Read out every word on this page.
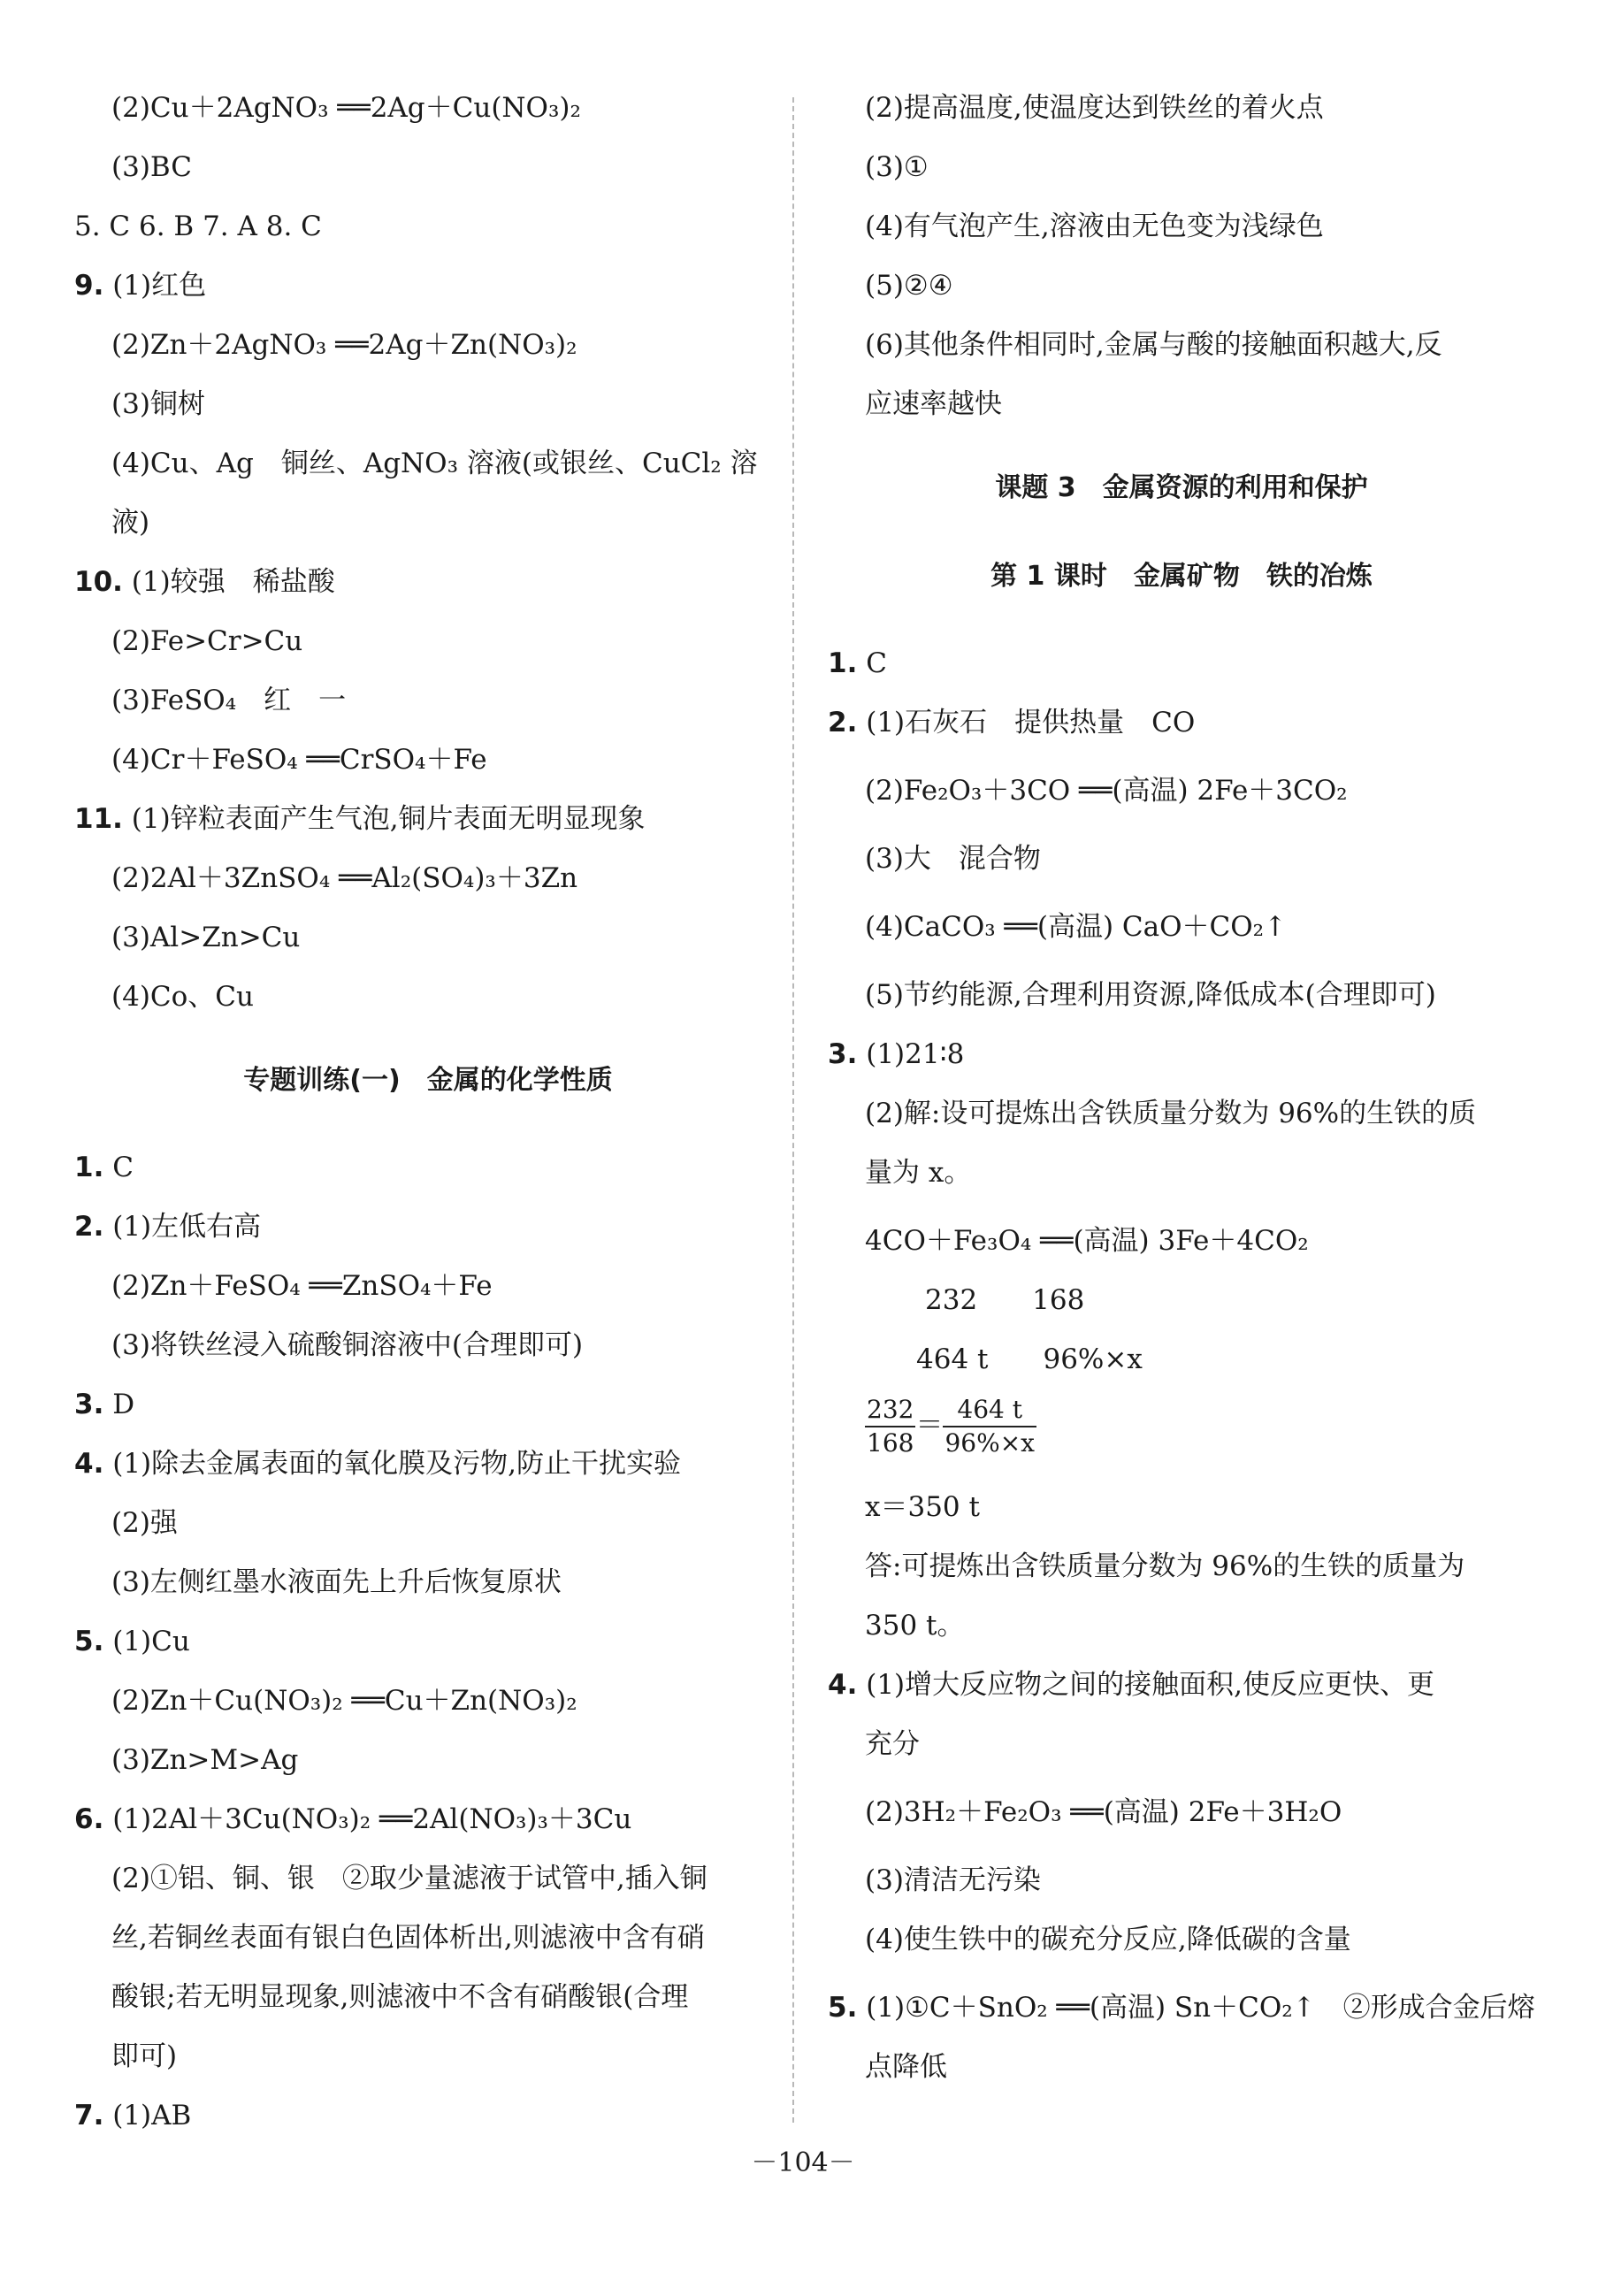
(2)Cu＋2AgNO₃ ══2Ag＋Cu(NO₃)₂
(3)BC
5. C 6. B 7. A 8. C
9. (1)红色
(2)Zn＋2AgNO₃ ══2Ag＋Zn(NO₃)₂
(3)铜树
(4)Cu、Ag　铜丝、AgNO₃ 溶液(或银丝、CuCl₂ 溶
液)
10. (1)较强　稀盐酸
(2)Fe>Cr>Cu
(3)FeSO₄　红　一
(4)Cr＋FeSO₄ ══CrSO₄＋Fe
11. (1)锌粒表面产生气泡,铜片表面无明显现象
(2)2Al＋3ZnSO₄ ══Al₂(SO₄)₃＋3Zn
(3)Al>Zn>Cu
(4)Co、Cu
专题训练(一)　金属的化学性质
1. C
2. (1)左低右高
(2)Zn＋FeSO₄ ══ZnSO₄＋Fe
(3)将铁丝浸入硫酸铜溶液中(合理即可)
3. D
4. (1)除去金属表面的氧化膜及污物,防止干扰实验
(2)强
(3)左侧红墨水液面先上升后恢复原状
5. (1)Cu
(2)Zn＋Cu(NO₃)₂ ══Cu＋Zn(NO₃)₂
(3)Zn>M>Ag
6. (1)2Al＋3Cu(NO₃)₂ ══2Al(NO₃)₃＋3Cu
(2)①铝、铜、银　②取少量滤液于试管中,插入铜
丝,若铜丝表面有银白色固体析出,则滤液中含有硝
酸银;若无明显现象,则滤液中不含有硝酸银(合理
即可)
7. (1)AB
(2)提高温度,使温度达到铁丝的着火点
(3)①
(4)有气泡产生,溶液由无色变为浅绿色
(5)②④
(6)其他条件相同时,金属与酸的接触面积越大,反
应速率越快
课题 3　金属资源的利用和保护
第 1 课时　金属矿物　铁的冶炼
1. C
2. (1)石灰石　提供热量　CO
(2)Fe₂O₃＋3CO ══(高温) 2Fe＋3CO₂
(3)大　混合物
(4)CaCO₃ ══(高温) CaO＋CO₂↑
(5)节约能源,合理利用资源,降低成本(合理即可)
3. (1)21∶8
(2)解:设可提炼出含铁质量分数为 96%的生铁的质
量为 x。
4CO＋Fe₃O₄ ══(高温) 3Fe＋4CO₂
232　　168
464 t　　96%×x
$\frac{232}{168} = \frac{464 t}{96\%\times x}$
x＝350 t
答:可提炼出含铁质量分数为 96%的生铁的质量为
350 t。
4. (1)增大反应物之间的接触面积,使反应更快、更
充分
(2)3H₂＋Fe₂O₃ ══(高温) 2Fe＋3H₂O
(3)清洁无污染
(4)使生铁中的碳充分反应,降低碳的含量
5. (1)①C＋SnO₂ ══(高温) Sn＋CO₂↑　②形成合金后熔
点降低
－104－
